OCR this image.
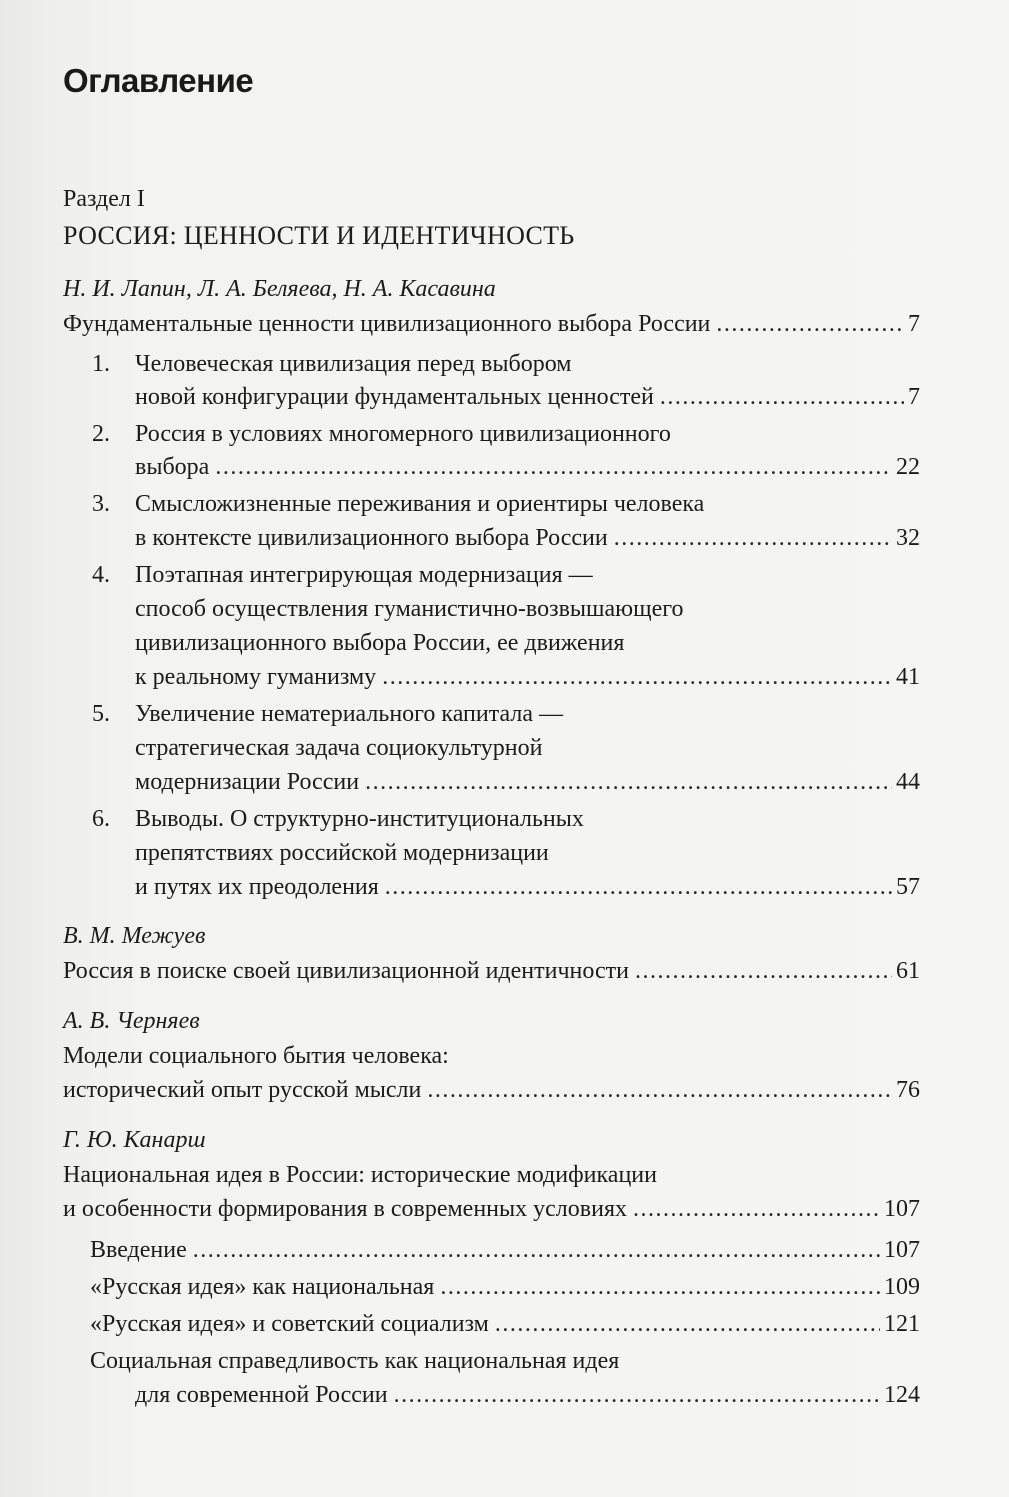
Оглавление
Раздел I
РОССИЯ: ЦЕННОСТИ И ИДЕНТИЧНОСТЬ
Н. И. Лапин, Л. А. Беляева, Н. А. Касавина
Фундаментальные ценности цивилизационного выбора России .....	7
1. Человеческая цивилизация перед выбором
новой конфигурации фундаментальных ценностей .....	7
2. Россия в условиях многомерного цивилизационного
выбора .....	22
3. Смысложизненные переживания и ориентиры человека
в контексте цивилизационного выбора России .....	32
4. Поэтапная интегрирующая модернизация —
способ осуществления гуманистично-возвышающего
цивилизационного выбора России, ее движения
к реальному гуманизму .....	41
5. Увеличение нематериального капитала —
стратегическая задача социокультурной
модернизации России .....	44
6. Выводы. О структурно-институциональных
препятствиях российской модернизации
и путях их преодоления .....	57
В. М. Межуев
Россия в поиске своей цивилизационной идентичности .....	61
А. В. Черняев
Модели социального бытия человека:
исторический опыт русской мысли .....	76
Г. Ю. Канарш
Национальная идея в России: исторические модификации
и особенности формирования в современных условиях .....	107
Введение .....	107
«Русская идея» как национальная .....	109
«Русская идея» и советский социализм .....	121
Социальная справедливость как национальная идея
для современной России .....	124
